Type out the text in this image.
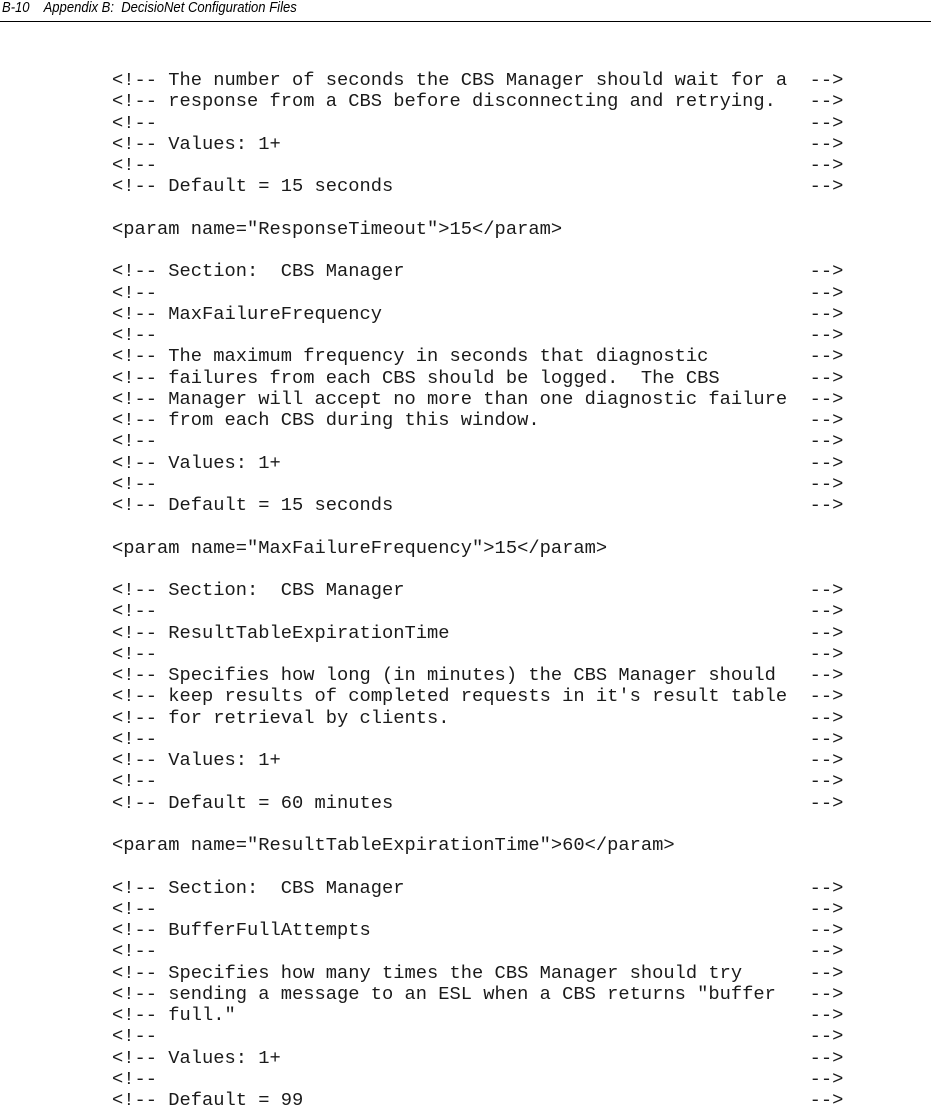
B-10 Appendix B:  DecisioNet Configuration Files
<!-- The number of seconds the CBS Manager should wait for a  -->
<!-- response from a CBS before disconnecting and retrying.   -->
<!--                                                          -->
<!-- Values: 1+                                               -->
<!--                                                          -->
<!-- Default = 15 seconds                                     -->

<param name="ResponseTimeout">15</param>

<!-- Section:  CBS Manager                                    -->
<!--                                                          -->
<!-- MaxFailureFrequency                                      -->
<!--                                                          -->
<!-- The maximum frequency in seconds that diagnostic         -->
<!-- failures from each CBS should be logged.  The CBS        -->
<!-- Manager will accept no more than one diagnostic failure  -->
<!-- from each CBS during this window.                        -->
<!--                                                          -->
<!-- Values: 1+                                               -->
<!--                                                          -->
<!-- Default = 15 seconds                                     -->

<param name="MaxFailureFrequency">15</param>

<!-- Section:  CBS Manager                                    -->
<!--                                                          -->
<!-- ResultTableExpirationTime                                -->
<!--                                                          -->
<!-- Specifies how long (in minutes) the CBS Manager should   -->
<!-- keep results of completed requests in it's result table  -->
<!-- for retrieval by clients.                                -->
<!--                                                          -->
<!-- Values: 1+                                               -->
<!--                                                          -->
<!-- Default = 60 minutes                                     -->

<param name="ResultTableExpirationTime">60</param>

<!-- Section:  CBS Manager                                    -->
<!--                                                          -->
<!-- BufferFullAttempts                                       -->
<!--                                                          -->
<!-- Specifies how many times the CBS Manager should try      -->
<!-- sending a message to an ESL when a CBS returns "buffer   -->
<!-- full."                                                   -->
<!--                                                          -->
<!-- Values: 1+                                               -->
<!--                                                          -->
<!-- Default = 99                                             -->
